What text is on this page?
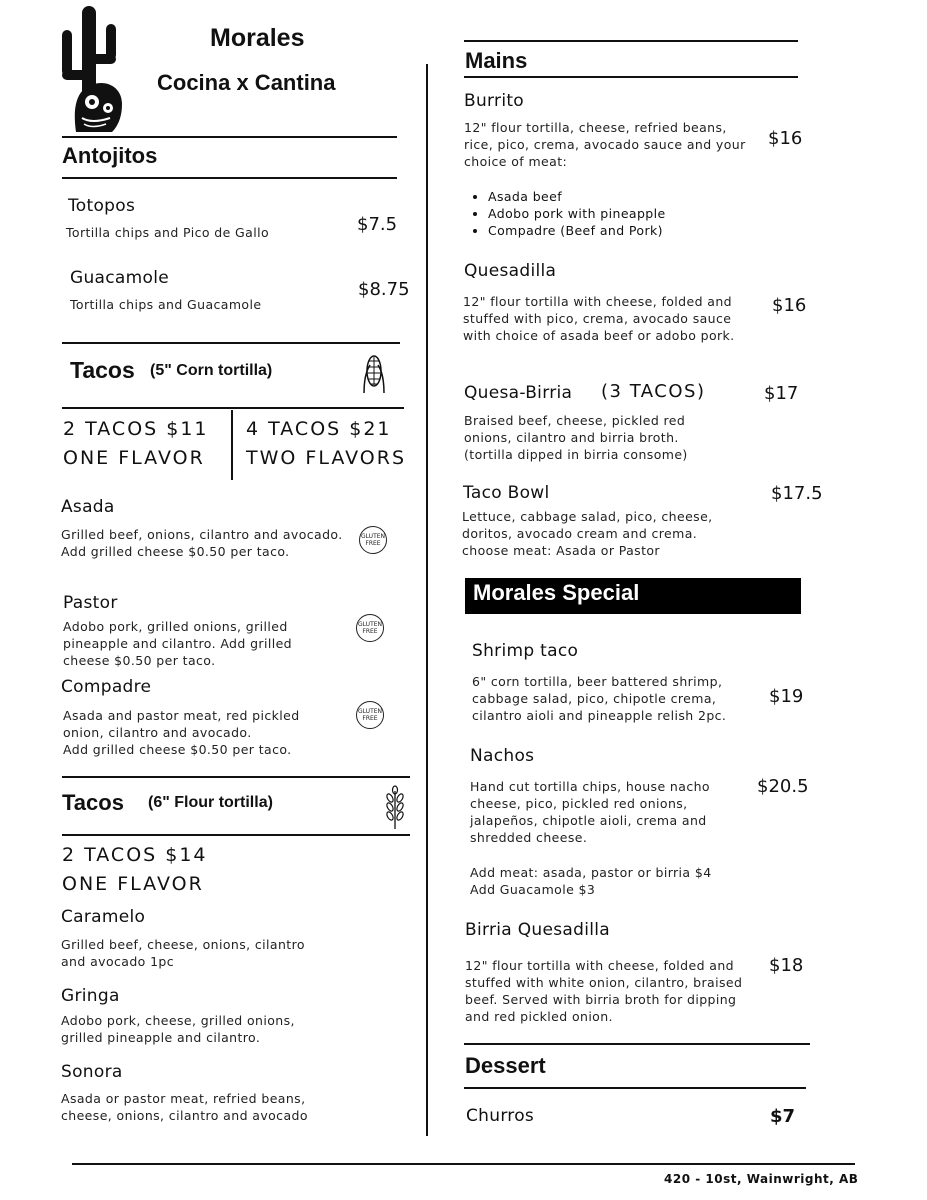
Morales
Cocina x Cantina
Antojitos
Totopos
Tortilla chips and Pico de Gallo	$7.5
Guacamole
Tortilla chips and Guacamole
$8.75
Tacos (5" Corn tortilla)
2 TACOS $11
ONE FLAVOR
4 TACOS $21
TWO FLAVORS
Asada
Grilled beef, onions, cilantro and avocado. Add grilled cheese $0.50 per taco.
GLUTEN FREE
Pastor
Adobo pork, grilled onions, grilled pineapple and cilantro. Add grilled cheese $0.50 per taco.
GLUTEN FREE
Compadre
Asada and pastor meat, red pickled onion, cilantro and avocado.
Add grilled cheese $0.50 per taco.
GLUTEN FREE
Tacos (6" Flour tortilla)
2 TACOS $14
ONE FLAVOR
Caramelo
Grilled beef, cheese, onions, cilantro and avocado 1pc
Gringa
Adobo pork, cheese, grilled onions, grilled pineapple and cilantro.
Sonora
Asada or pastor meat, refried beans, cheese, onions, cilantro and avocado
Mains
Burrito
12" flour tortilla, cheese, refried beans, rice, pico, crema, avocado sauce and your choice of meat:
$16
• Asada beef
• Adobo pork with pineapple
• Compadre (Beef and Pork)
Quesadilla
12" flour tortilla with cheese, folded and stuffed with pico, crema, avocado sauce with choice of asada beef or adobo pork.
$16
Quesa-Birria (3 TACOS)
Braised beef, cheese, pickled red onions, cilantro and birria broth.
(tortilla dipped in birria consome)
$17
Taco Bowl
Lettuce, cabbage salad, pico, cheese, doritos, avocado cream and crema.
choose meat: Asada or Pastor
$17.5
Morales Special
Shrimp taco
6" corn tortilla, beer battered shrimp, cabbage salad, pico, chipotle crema, cilantro aioli and pineapple relish 2pc.
$19
Nachos
Hand cut tortilla chips, house nacho cheese, pico, pickled red onions, jalapeños, chipotle aioli, crema and shredded cheese.
Add meat: asada, pastor or birria $4
Add Guacamole $3
$20.5
Birria Quesadilla
12" flour tortilla with cheese, folded and stuffed with white onion, cilantro, braised beef. Served with birria broth for dipping and red pickled onion.
$18
Dessert
Churros	$7
420 - 10st, Wainwright, AB
